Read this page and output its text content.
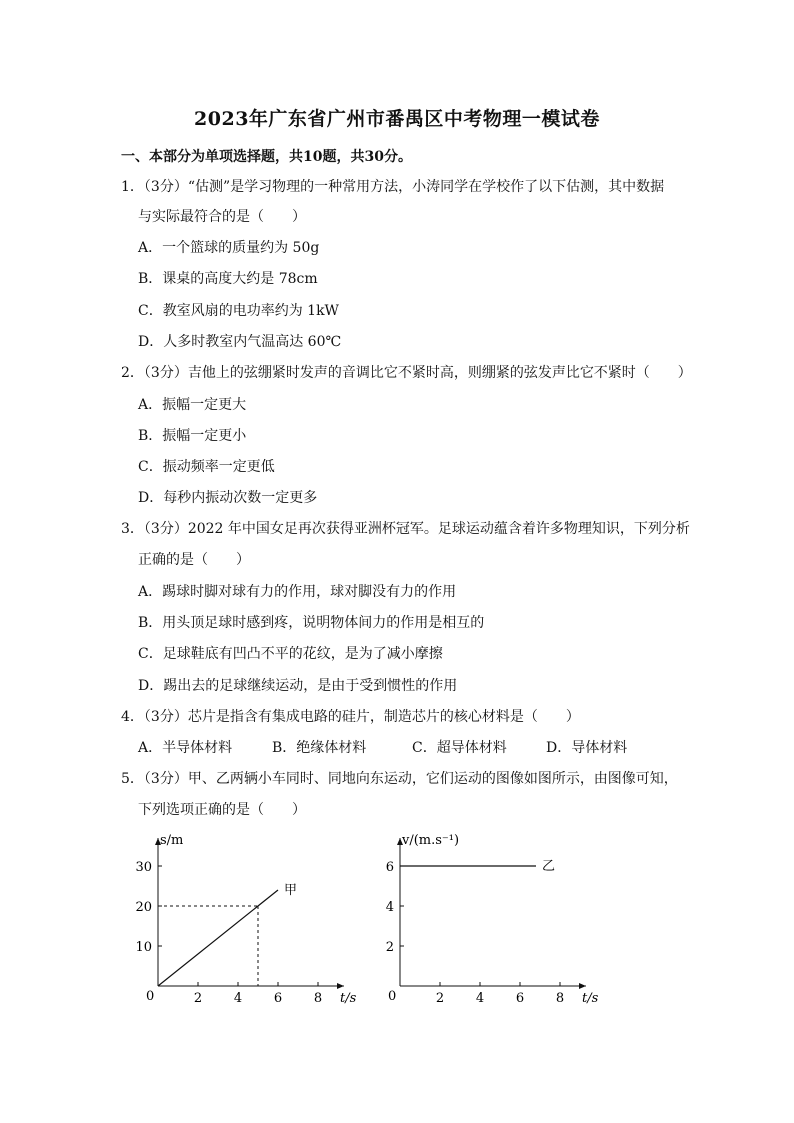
2023年广东省广州市番禺区中考物理一模试卷
一、本部分为单项选择题，共10题，共30分。
1．（3分）“估测”是学习物理的一种常用方法，小涛同学在学校作了以下估测，其中数据
与实际最符合的是（　　）
A．一个篮球的质量约为 50g
B．课桌的高度大约是 78cm
C．教室风扇的电功率约为 1kW
D．人多时教室内气温高达 60℃
2．（3分）吉他上的弦绷紧时发声的音调比它不紧时高，则绷紧的弦发声比它不紧时（　　）
A．振幅一定更大
B．振幅一定更小
C．振动频率一定更低
D．每秒内振动次数一定更多
3．（3分）2022 年中国女足再次获得亚洲杯冠军。足球运动蕴含着许多物理知识，下列分析
正确的是（　　）
A．踢球时脚对球有力的作用，球对脚没有力的作用
B．用头顶足球时感到疼，说明物体间力的作用是相互的
C．足球鞋底有凹凸不平的花纹，是为了减小摩擦
D．踢出去的足球继续运动，是由于受到惯性的作用
4．（3分）芯片是指含有集成电路的硅片，制造芯片的核心材料是（　　）
A．半导体材料	B．绝缘体材料	C．超导体材料	D．导体材料
5．（3分）甲、乙两辆小车同时、同地向东运动，它们运动的图像如图所示，由图像可知，
下列选项正确的是（　　）
t/s
s/m
0	2 4 6 8
10
20
30
甲
t/s
v/(m.s⁻¹)
0	2 4 6 8
2
4
6	乙
